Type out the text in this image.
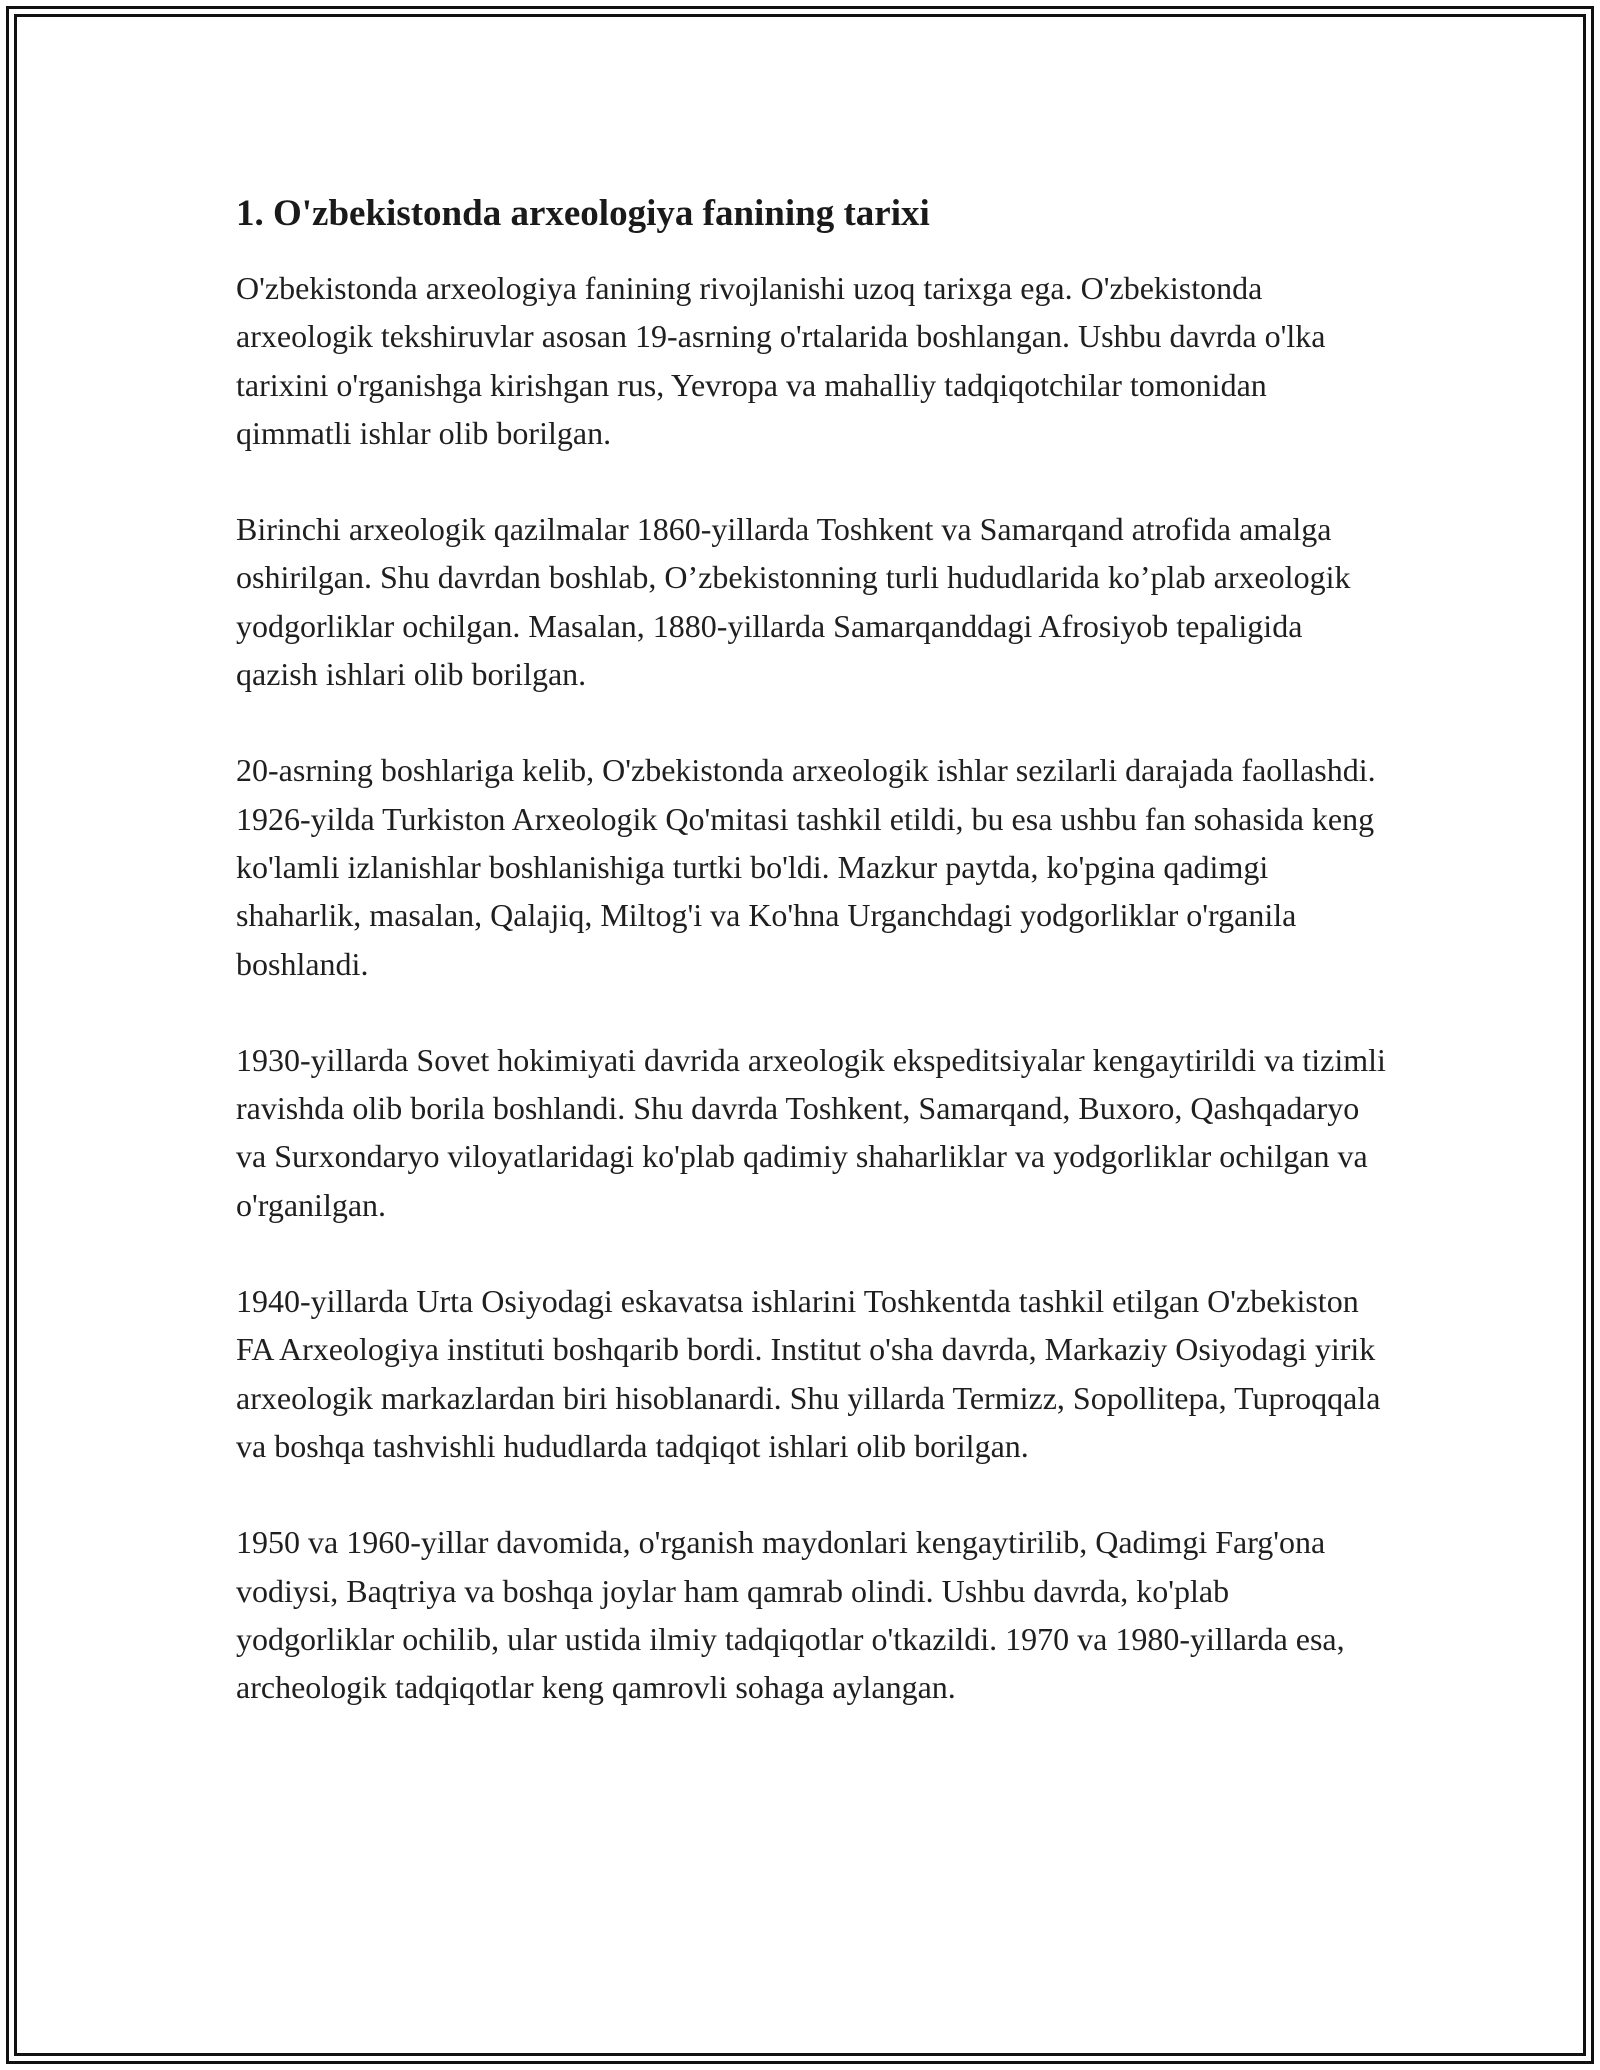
1. O'zbekistonda arxeologiya fanining tarixi

O'zbekistonda arxeologiya fanining rivojlanishi uzoq tarixga ega. O'zbekistonda arxeologik tekshiruvlar asosan 19-asrning o'rtalarida boshlangan. Ushbu davrda o'lka tarixini o'rganishga kirishgan rus, Yevropa va mahalliy tadqiqotchilar tomonidan qimmatli ishlar olib borilgan.

Birinchi arxeologik qazilmalar 1860-yillarda Toshkent va Samarqand atrofida amalga oshirilgan. Shu davrdan boshlab, O’zbekistonning turli hududlarida ko’plab arxeologik yodgorliklar ochilgan. Masalan, 1880-yillarda Samarqanddagi Afrosiyob tepaligida qazish ishlari olib borilgan.

20-asrning boshlariga kelib, O'zbekistonda arxeologik ishlar sezilarli darajada faollashdi. 1926-yilda Turkiston Arxeologik Qo'mitasi tashkil etildi, bu esa ushbu fan sohasida keng ko'lamli izlanishlar boshlanishiga turtki bo'ldi. Mazkur paytda, ko'pgina qadimgi shaharlik, masalan, Qalajiq, Miltog'i va Ko'hna Urganchdagi yodgorliklar o'rganila boshlandi.

1930-yillarda Sovet hokimiyati davrida arxeologik ekspeditsiyalar kengaytirildi va tizimli ravishda olib borila boshlandi. Shu davrda Toshkent, Samarqand, Buxoro, Qashqadaryo va Surxondaryo viloyatlaridagi ko'plab qadimiy shaharliklar va yodgorliklar ochilgan va o'rganilgan.

1940-yillarda Urta Osiyodagi eskavatsa ishlarini Toshkentda tashkil etilgan O'zbekiston FA Arxeologiya instituti boshqarib bordi. Institut o'sha davrda, Markaziy Osiyodagi yirik arxeologik markazlardan biri hisoblanardi. Shu yillarda Termizz, Sopollitepa, Tuproqqala va boshqa tashvishli hududlarda tadqiqot ishlari olib borilgan.

1950 va 1960-yillar davomida, o'rganish maydonlari kengaytirilib, Qadimgi Farg'ona vodiysi, Baqtriya va boshqa joylar ham qamrab olindi. Ushbu davrda, ko'plab yodgorliklar ochilib, ular ustida ilmiy tadqiqotlar o'tkazildi. 1970 va 1980-yillarda esa, archeologik tadqiqotlar keng qamrovli sohaga aylangan.
